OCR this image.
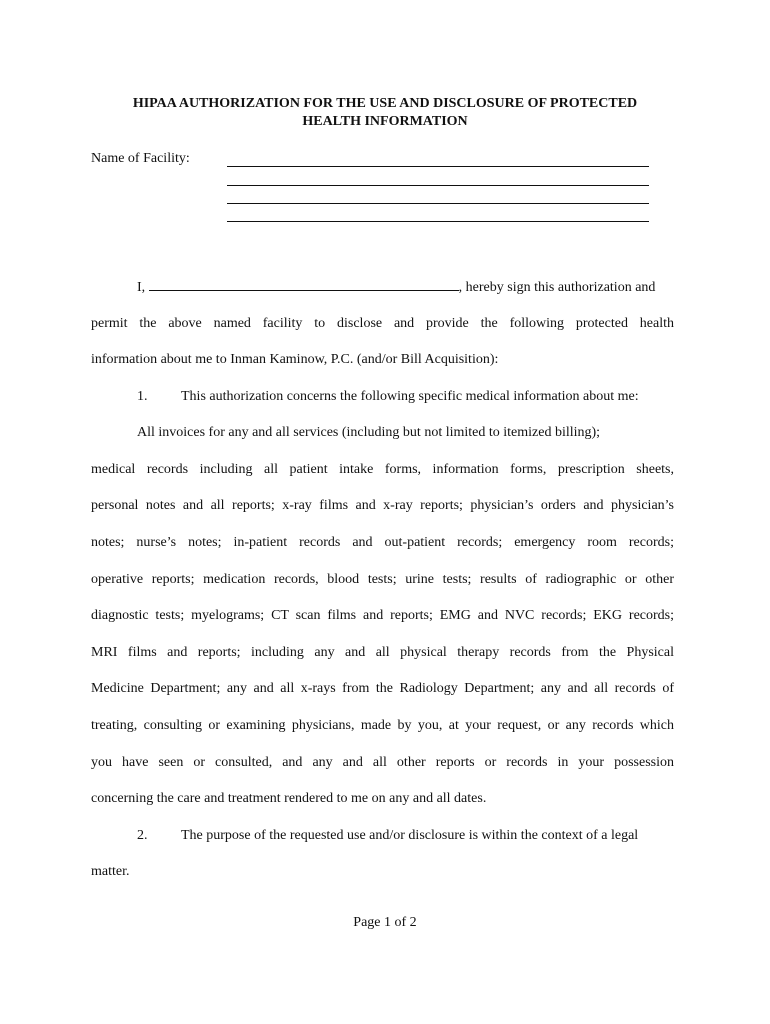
HIPAA AUTHORIZATION FOR THE USE AND DISCLOSURE OF PROTECTED
HEALTH INFORMATION
Name of Facility:
I,	, hereby sign this authorization and
permit the above named facility to disclose and provide the following protected health
information about me to Inman Kaminow, P.C. (and/or Bill Acquisition):
1. This authorization concerns the following specific medical information about me:
All invoices for any and all services (including but not limited to itemized billing);
medical records including all patient intake forms, information forms, prescription sheets,
personal notes and all reports; x-ray films and x-ray reports; physician’s orders and physician’s
notes; nurse’s notes; in-patient records and out-patient records; emergency room records;
operative reports; medication records, blood tests; urine tests; results of radiographic or other
diagnostic tests; myelograms; CT scan films and reports; EMG and NVC records; EKG records;
MRI films and reports; including any and all physical therapy records from the Physical
Medicine Department; any and all x-rays from the Radiology Department; any and all records of
treating, consulting or examining physicians, made by you, at your request, or any records which
you have seen or consulted, and any and all other reports or records in your possession
concerning the care and treatment rendered to me on any and all dates.
2. The purpose of the requested use and/or disclosure is within the context of a legal
matter.
Page 1 of 2
